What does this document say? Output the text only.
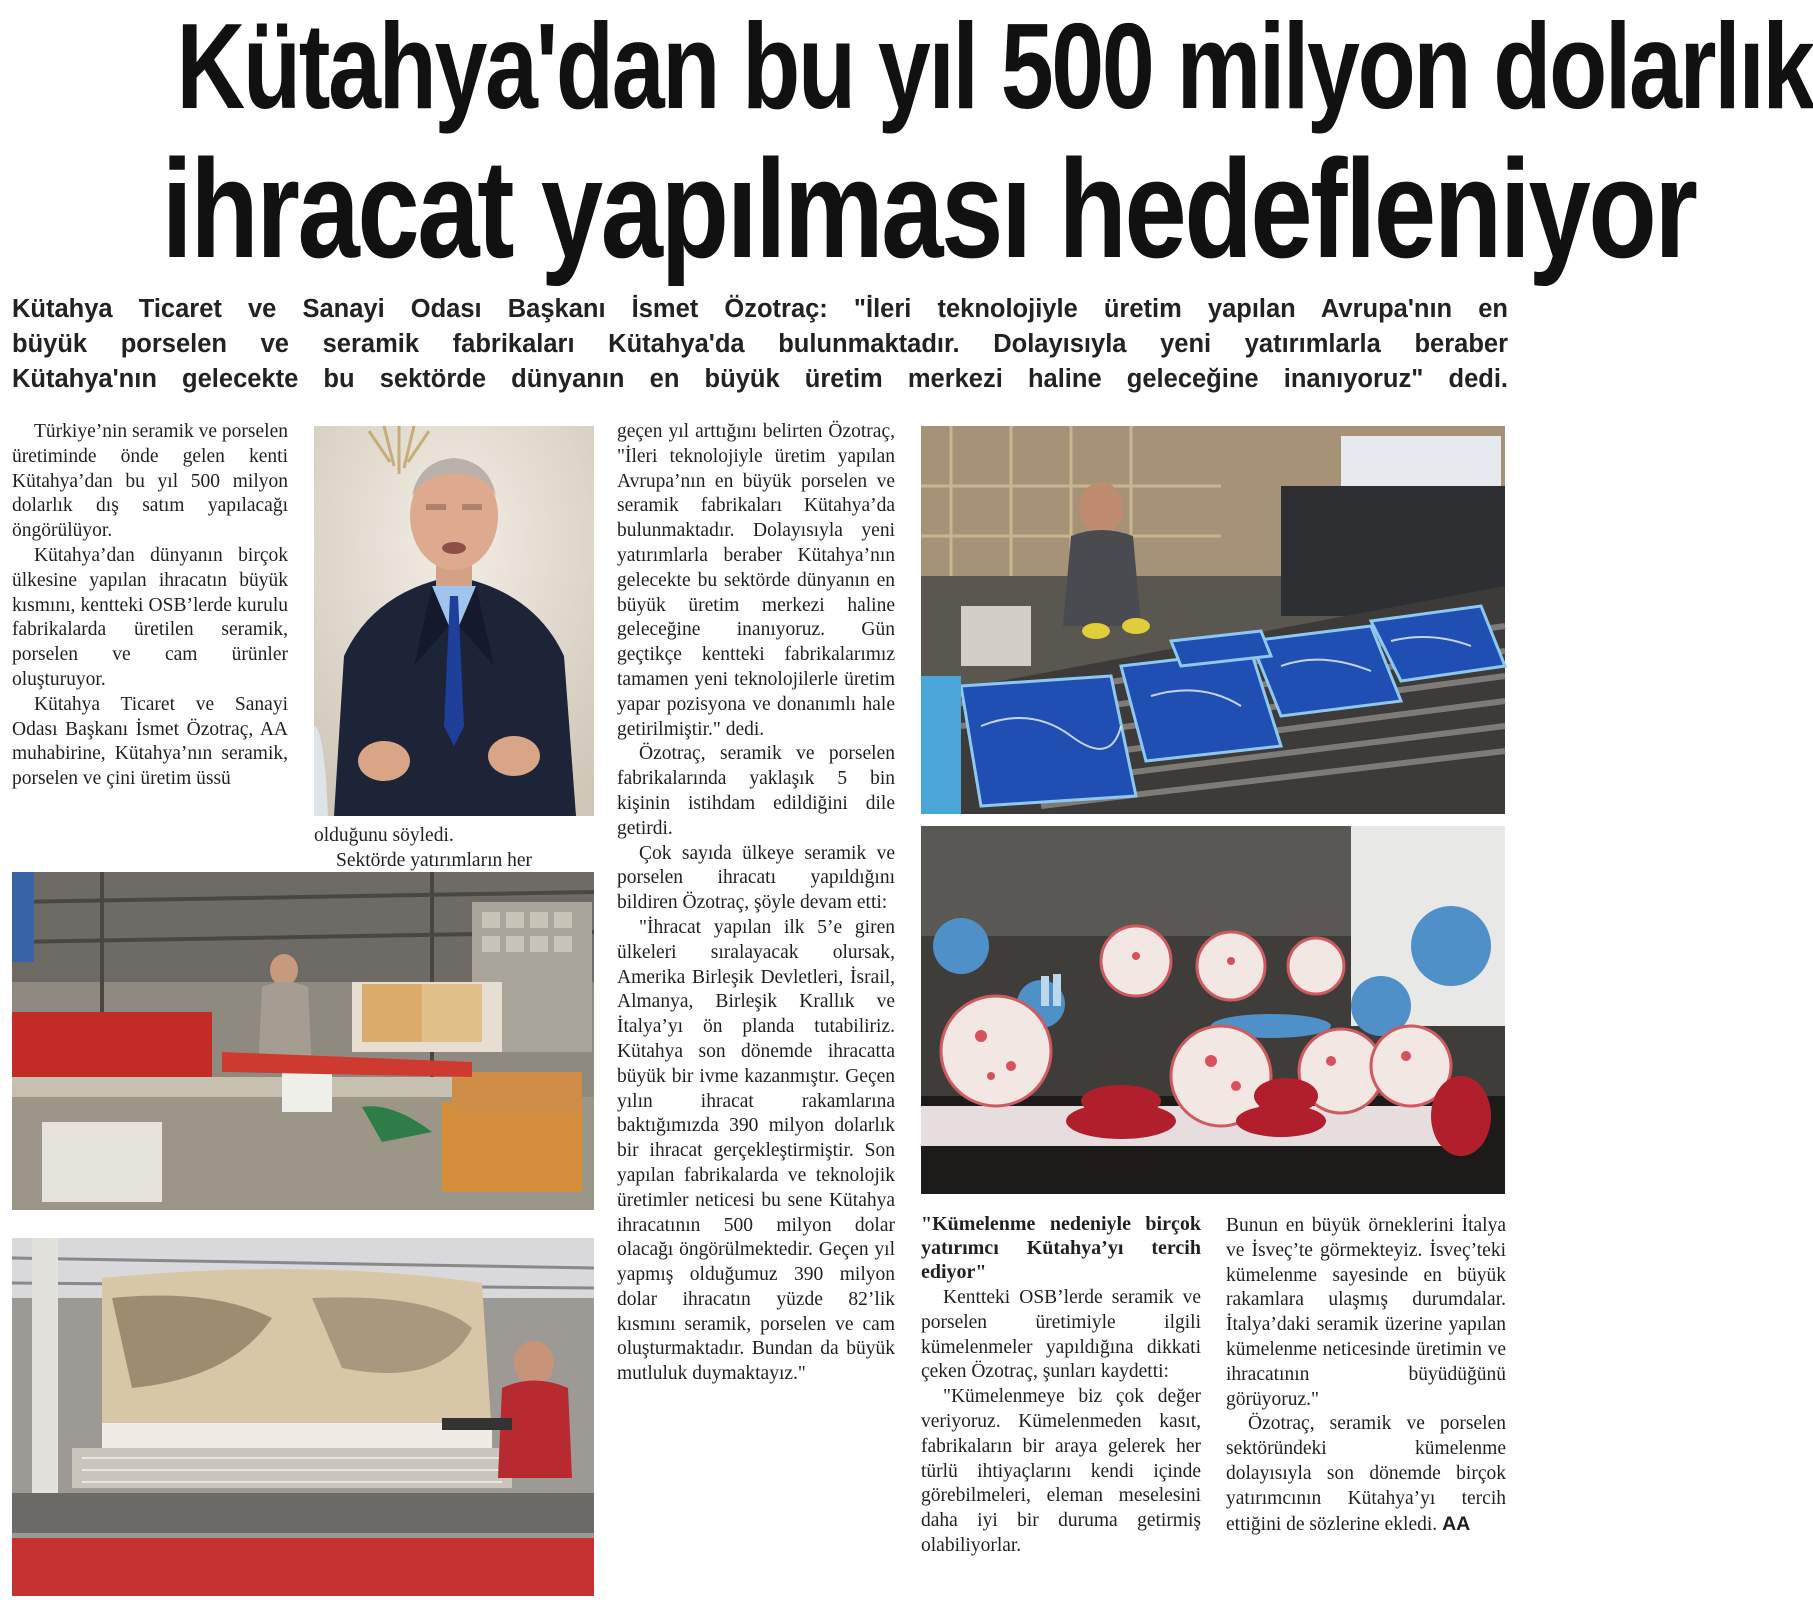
Kütahya'dan bu yıl 500 milyon dolarlık
ihracat yapılması hedefleniyor
Kütahya Ticaret ve Sanayi Odası Başkanı İsmet Özotraç: "İleri teknolojiyle üretim yapılan Avrupa'nın en
büyük porselen ve seramik fabrikaları Kütahya'da bulunmaktadır. Dolayısıyla yeni yatırımlarla beraber
Kütahya'nın gelecekte bu sektörde dünyanın en büyük üretim merkezi haline geleceğine inanıyoruz" dedi.

Türkiye’nin seramik ve porselen üretiminde önde gelen kenti Kütahya’dan bu yıl 500 milyon dolarlık dış satım yapılacağı öngörülüyor.

Kütahya’dan dünyanın birçok ülkesine yapılan ihracatın büyük kısmını, kentteki OSB’lerde kurulu fabrikalarda üretilen seramik, porselen ve cam ürünler oluşturuyor.

Kütahya Ticaret ve Sanayi Odası Başkanı İsmet Özotraç, AA muhabirine, Kütahya’nın seramik, porselen ve çini üretim üssü

olduğunu söyledi.

Sektörde yatırımların her

geçen yıl arttığını belirten Özotraç, "İleri teknolojiyle üretim yapılan Avrupa’nın en büyük porselen ve seramik fabrikaları Kütahya’da bulunmaktadır. Dolayısıyla yeni yatırımlarla beraber Kütahya’nın gelecekte bu sektörde dünyanın en büyük üretim merkezi haline geleceğine inanıyoruz. Gün geçtikçe kentteki fabrikalarımız tamamen yeni teknolojilerle üretim yapar pozisyona ve donanımlı hale getirilmiştir." dedi.

Özotraç, seramik ve porselen fabrikalarında yaklaşık 5 bin kişinin istihdam edildiğini dile getirdi.

Çok sayıda ülkeye seramik ve porselen ihracatı yapıldığını bildiren Özotraç, şöyle devam etti:

"İhracat yapılan ilk 5’e giren ülkeleri sıralayacak olursak, Amerika Birleşik Devletleri, İsrail, Almanya, Birleşik Krallık ve İtalya’yı ön planda tutabiliriz. Kütahya son dönemde ihracatta büyük bir ivme kazanmıştır. Geçen yılın ihracat rakamlarına baktığımızda 390 milyon dolarlık bir ihracat gerçekleştirmiştir. Son yapılan fabrikalarda ve teknolojik üretimler neticesi bu sene Kütahya ihracatının 500 milyon dolar olacağı öngörülmektedir. Geçen yıl yapmış olduğumuz 390 milyon dolar ihracatın yüzde 82’lik kısmını seramik, porselen ve cam oluşturmaktadır. Bundan da büyük mutluluk duymaktayız."

"Kümelenme nedeniyle birçok yatırımcı Kütahya’yı tercih ediyor"

Kentteki OSB’lerde seramik ve porselen üretimiyle ilgili kümelenmeler yapıldığına dikkati çeken Özotraç, şunları kaydetti:

"Kümelenmeye biz çok değer veriyoruz. Kümelenmeden kasıt, fabrikaların bir araya gelerek her türlü ihtiyaçlarını kendi içinde görebilmeleri, eleman meselesini daha iyi bir duruma getirmiş olabiliyorlar.

Bunun en büyük örneklerini İtalya ve İsveç’te görmekteyiz. İsveç’teki kümelenme sayesinde en büyük rakamlara ulaşmış durumdalar. İtalya’daki seramik üzerine yapılan kümelenme neticesinde üretimin ve ihracatının büyüdüğünü görüyoruz."

Özotraç, seramik ve porselen sektöründeki kümelenme dolayısıyla son dönemde birçok yatırımcının Kütahya’yı tercih ettiğini de sözlerine ekledi. AA
